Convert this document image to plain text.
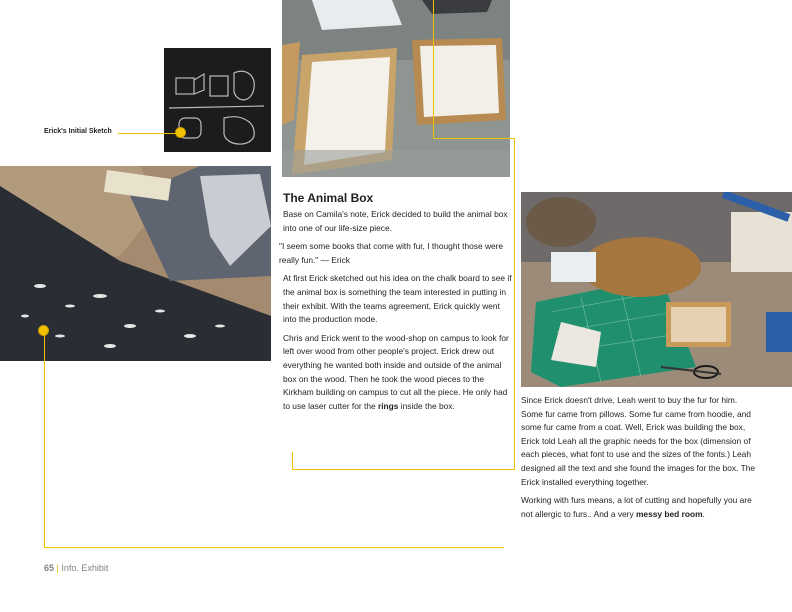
Erick's Initial Sketch
The Animal Box

Base on Camila's note, Erick decided to build the animal box into one of our life-size piece.

"I seem some books that come with fur, I thought those were really fun." — Erick

At first Erick sketched out his idea on the chalk board to see if the animal box is something the team interested in putting in their exhibit. With the teams agreement, Erick quickly went into the production mode.

Chris and Erick went to the wood-shop on campus to look for left over wood from other people's project. Erick drew out everything he wanted both inside and outside of the animal box on the wood. Then he took the wood pieces to the Kirkham building on campus to cut all the piece. He only had to use laser cutter for the rings inside the box.

Since Erick doesn't drive, Leah went to buy the fur for him. Some fur came from pillows. Some fur came from hoodie, and some fur came from a coat. Well, Erick was building the box, Erick told Leah all the graphic needs for the box (dimension of each pieces, what font to use and the sizes of the fonts.) Leah designed all the text and she found the images for the box. The Erick installed everything together.

Working with furs means, a lot of cutting and hopefully you are not allergic to furs.. And a very messy bed room.

65 | Info. Exhibit
